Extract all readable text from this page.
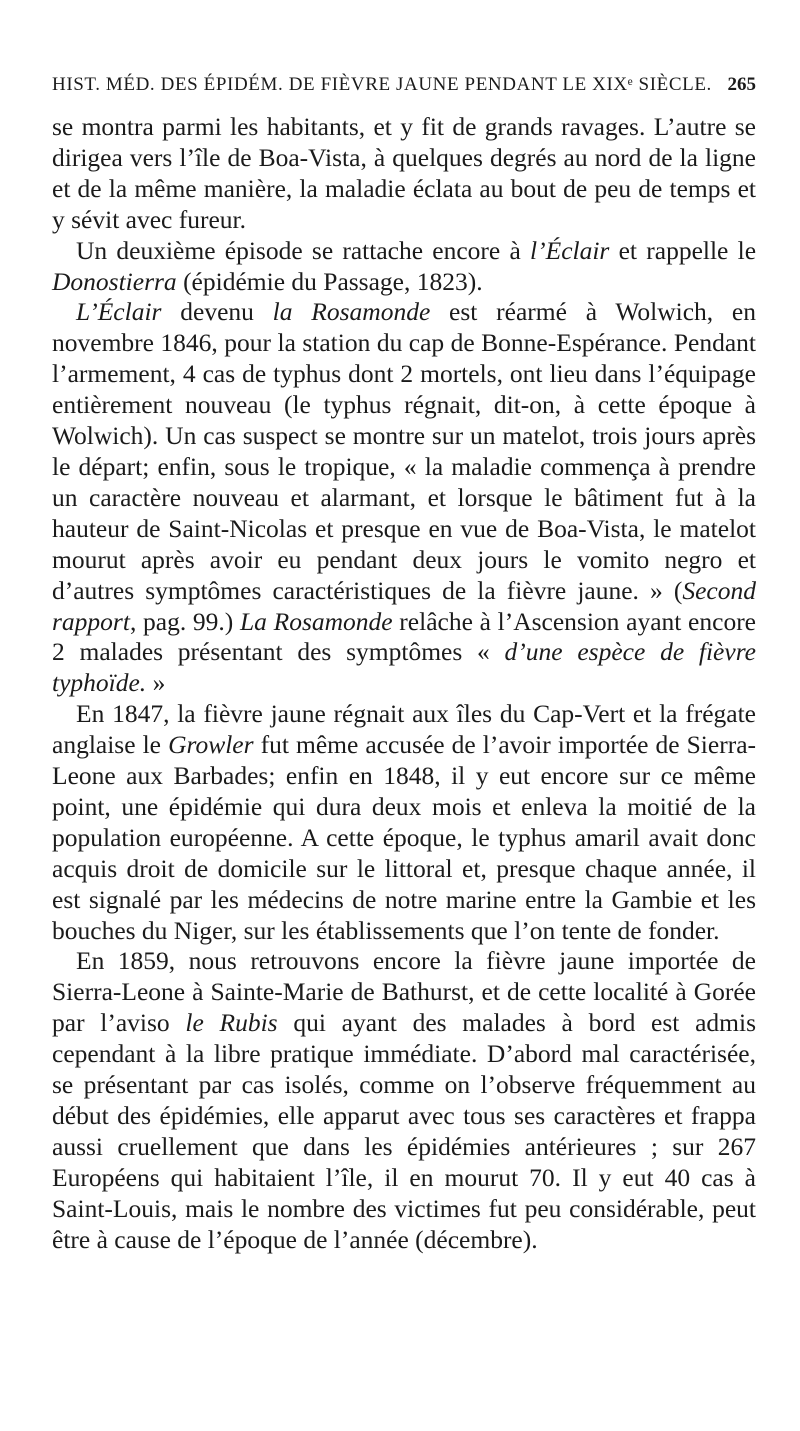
HIST. MÉD. DES ÉPIDÉM. DE FIÈVRE JAUNE PENDANT LE XIXᵉ SIÈCLE. 265

se montra parmi les habitants, et y fit de grands ravages. L’autre se dirigea vers l’île de Boa-Vista, à quelques degrés au nord de la ligne et de la même manière, la maladie éclata au bout de peu de temps et y sévit avec fureur.

Un deuxième épisode se rattache encore à l’Éclair et rappelle le Donostierra (épidémie du Passage, 1823).

L’Éclair devenu la Rosamonde est réarmé à Wolwich, en novembre 1846, pour la station du cap de Bonne-Espérance. Pendant l’armement, 4 cas de typhus dont 2 mortels, ont lieu dans l’équipage entièrement nouveau (le typhus régnait, dit-on, à cette époque à Wolwich). Un cas suspect se montre sur un matelot, trois jours après le départ; enfin, sous le tropique, « la maladie commença à prendre un caractère nouveau et alarmant, et lorsque le bâtiment fut à la hauteur de Saint-Nicolas et presque en vue de Boa-Vista, le matelot mourut après avoir eu pendant deux jours le vomito negro et d’autres symptômes caractéristiques de la fièvre jaune. » (Second rapport, pag. 99.) La Rosamonde relâche à l’Ascension ayant encore 2 malades présentant des symptômes « d’une espèce de fièvre typhoïde. »

En 1847, la fièvre jaune régnait aux îles du Cap-Vert et la frégate anglaise le Growler fut même accusée de l’avoir importée de Sierra-Leone aux Barbades; enfin en 1848, il y eut encore sur ce même point, une épidémie qui dura deux mois et enleva la moitié de la population européenne. A cette époque, le typhus amaril avait donc acquis droit de domicile sur le littoral et, presque chaque année, il est signalé par les médecins de notre marine entre la Gambie et les bouches du Niger, sur les établissements que l’on tente de fonder.

En 1859, nous retrouvons encore la fièvre jaune importée de Sierra-Leone à Sainte-Marie de Bathurst, et de cette localité à Gorée par l’aviso le Rubis qui ayant des malades à bord est admis cependant à la libre pratique immédiate. D’abord mal caractérisée, se présentant par cas isolés, comme on l’observe fréquemment au début des épidémies, elle apparut avec tous ses caractères et frappa aussi cruellement que dans les épidémies antérieures ; sur 267 Européens qui habitaient l’île, il en mourut 70. Il y eut 40 cas à Saint-Louis, mais le nombre des victimes fut peu considérable, peut être à cause de l’époque de l’année (décembre).
